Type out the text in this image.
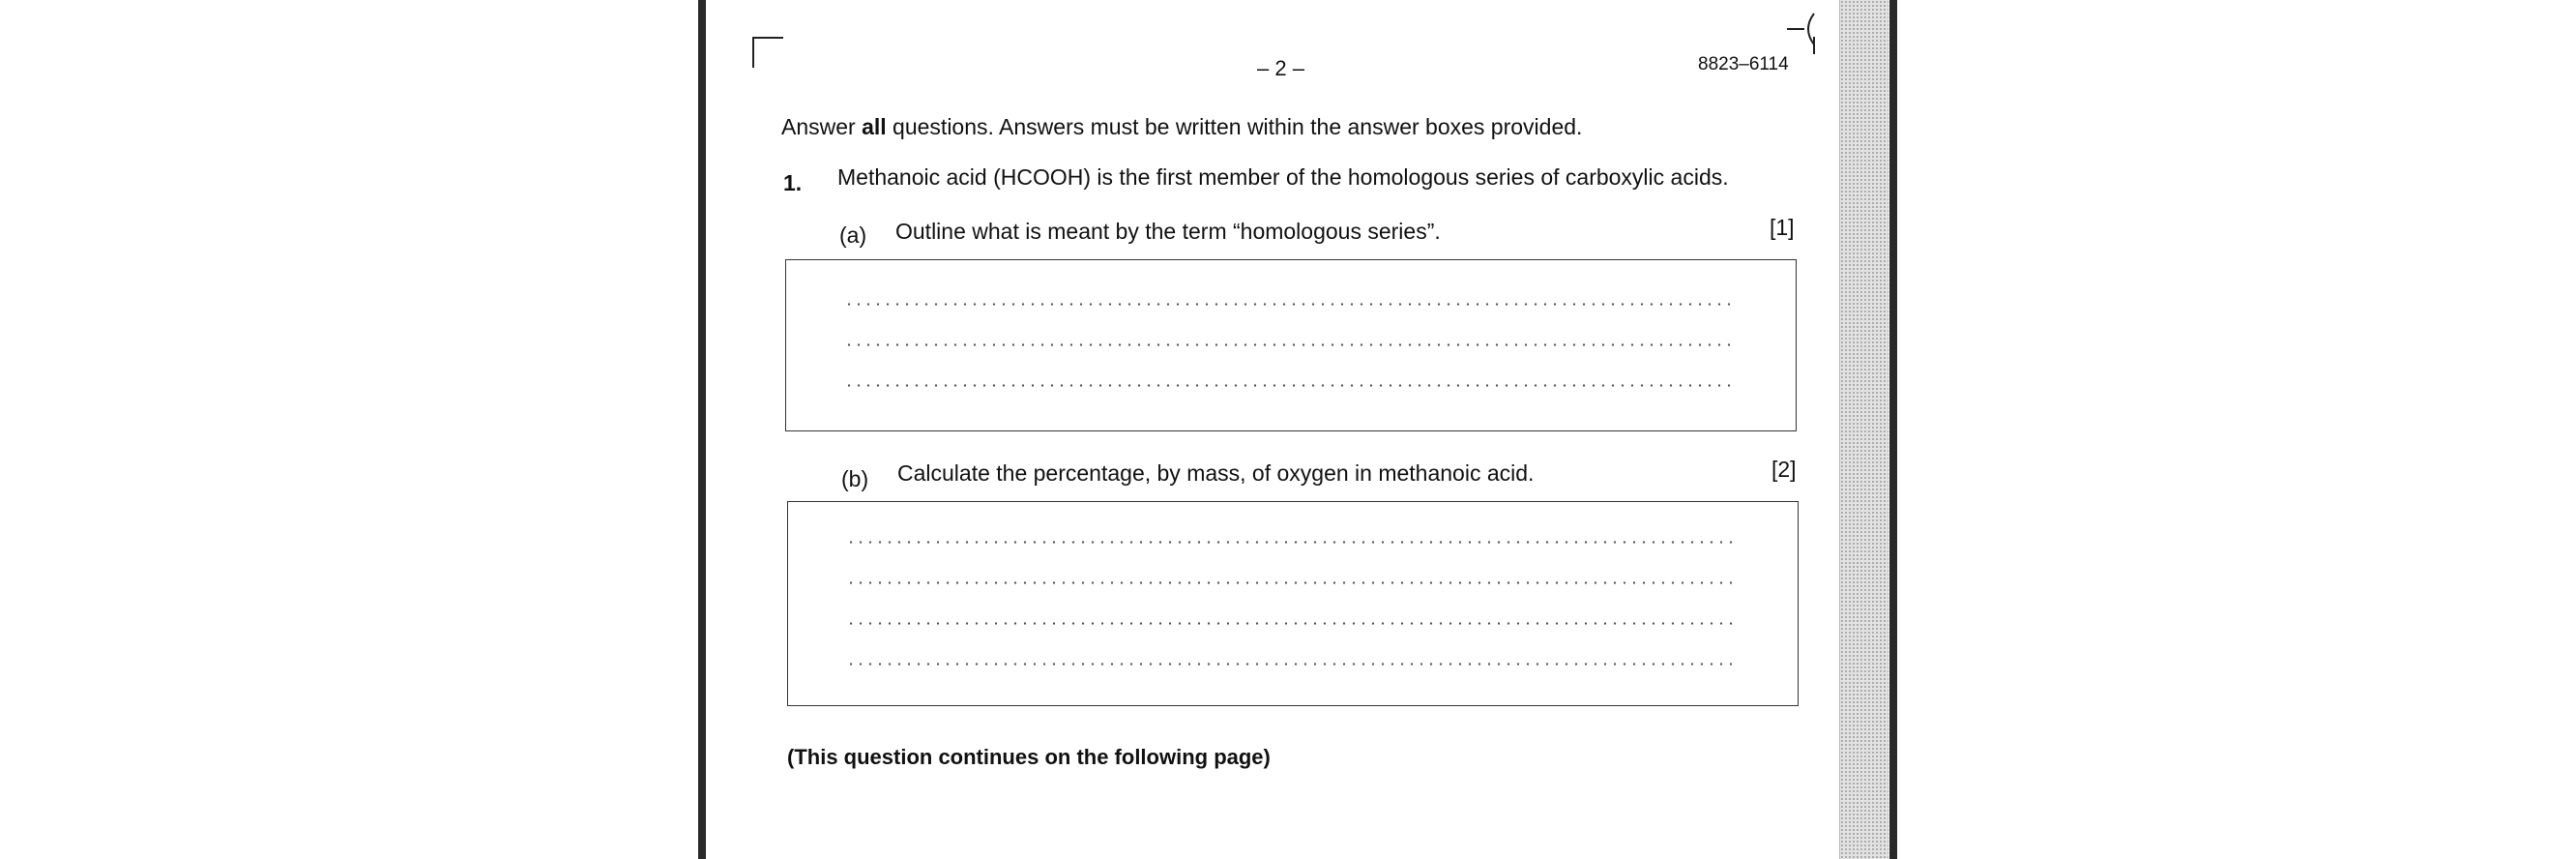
– 2 –	8823–6114
Answer all questions. Answers must be written within the answer boxes provided.
1. Methanoic acid (HCOOH) is the first member of the homologous series of carboxylic acids.
(a) Outline what is meant by the term “homologous series”.	[1]
(b) Calculate the percentage, by mass, of oxygen in methanoic acid.	[2]
(This question continues on the following page)
